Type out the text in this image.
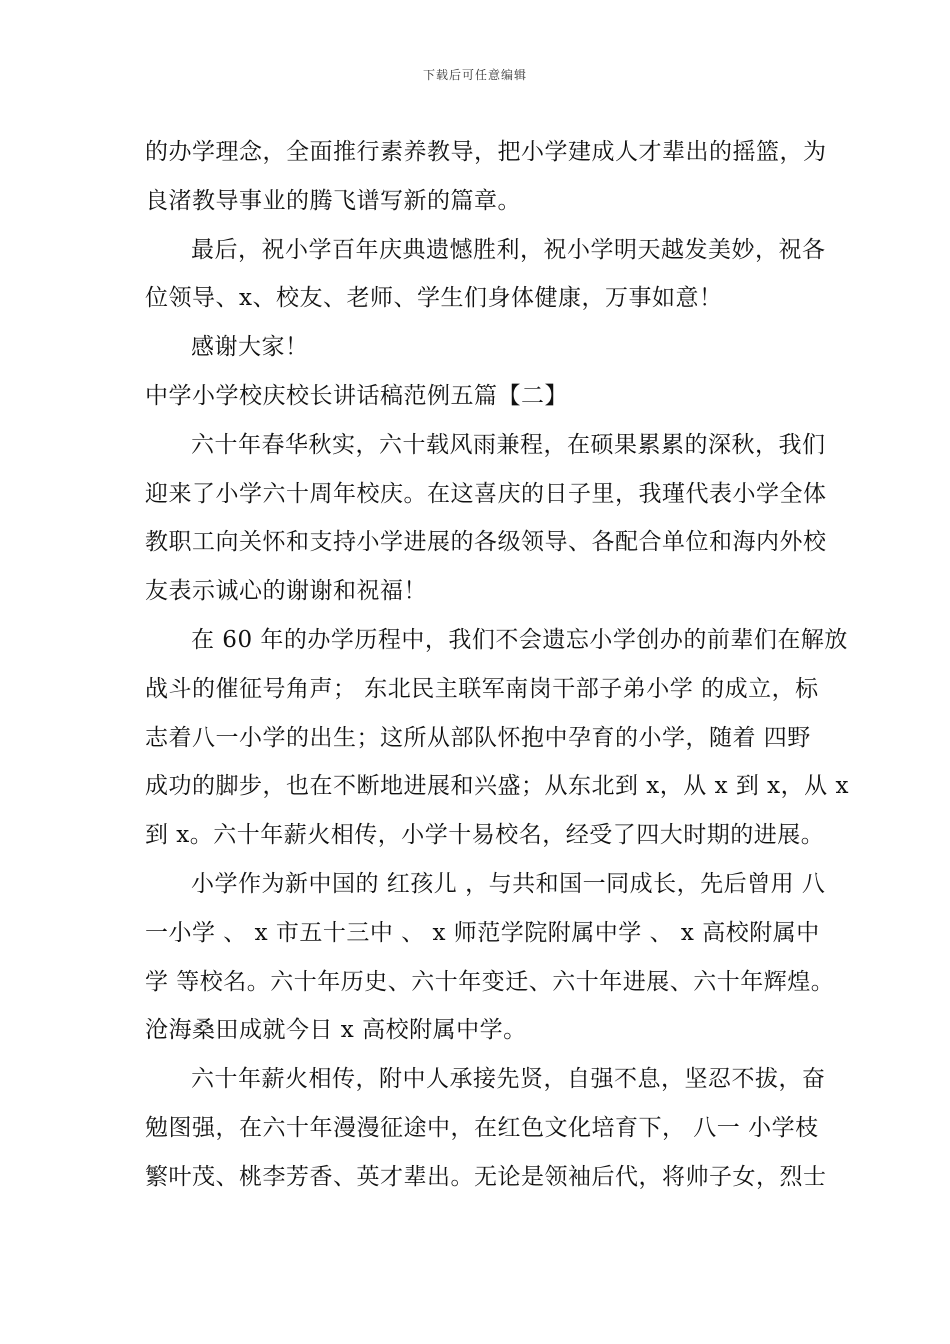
下载后可任意编辑
的办学理念，全面推行素养教导，把小学建成人才辈出的摇篮，为
良渚教导事业的腾飞谱写新的篇章。
最后，祝小学百年庆典遗憾胜利，祝小学明天越发美妙，祝各
位领导、x、校友、老师、学生们身体健康，万事如意！
感谢大家！
中学小学校庆校长讲话稿范例五篇【二】
六十年春华秋实，六十载风雨兼程，在硕果累累的深秋，我们
迎来了小学六十周年校庆。在这喜庆的日子里，我瑾代表小学全体
教职工向关怀和支持小学进展的各级领导、各配合单位和海内外校
友表示诚心的谢谢和祝福！
在 60 年的办学历程中，我们不会遗忘小学创办的前辈们在解放
战斗的催征号角声； 东北民主联军南岗干部子弟小学 的成立，标
志着八一小学的出生；这所从部队怀抱中孕育的小学，随着 四野
成功的脚步，也在不断地进展和兴盛；从东北到 x，从 x 到 x，从 x
到 x。六十年薪火相传，小学十易校名，经受了四大时期的进展。
小学作为新中国的 红孩儿 ，与共和国一同成长，先后曾用 八
一小学 、 x 市五十三中 、 x 师范学院附属中学 、 x 高校附属中
学 等校名。六十年历史、六十年变迁、六十年进展、六十年辉煌。
沧海桑田成就今日 x 高校附属中学。
六十年薪火相传，附中人承接先贤，自强不息，坚忍不拔，奋
勉图强，在六十年漫漫征途中，在红色文化培育下， 八一 小学枝
繁叶茂、桃李芳香、英才辈出。无论是领袖后代，将帅子女，烈士
